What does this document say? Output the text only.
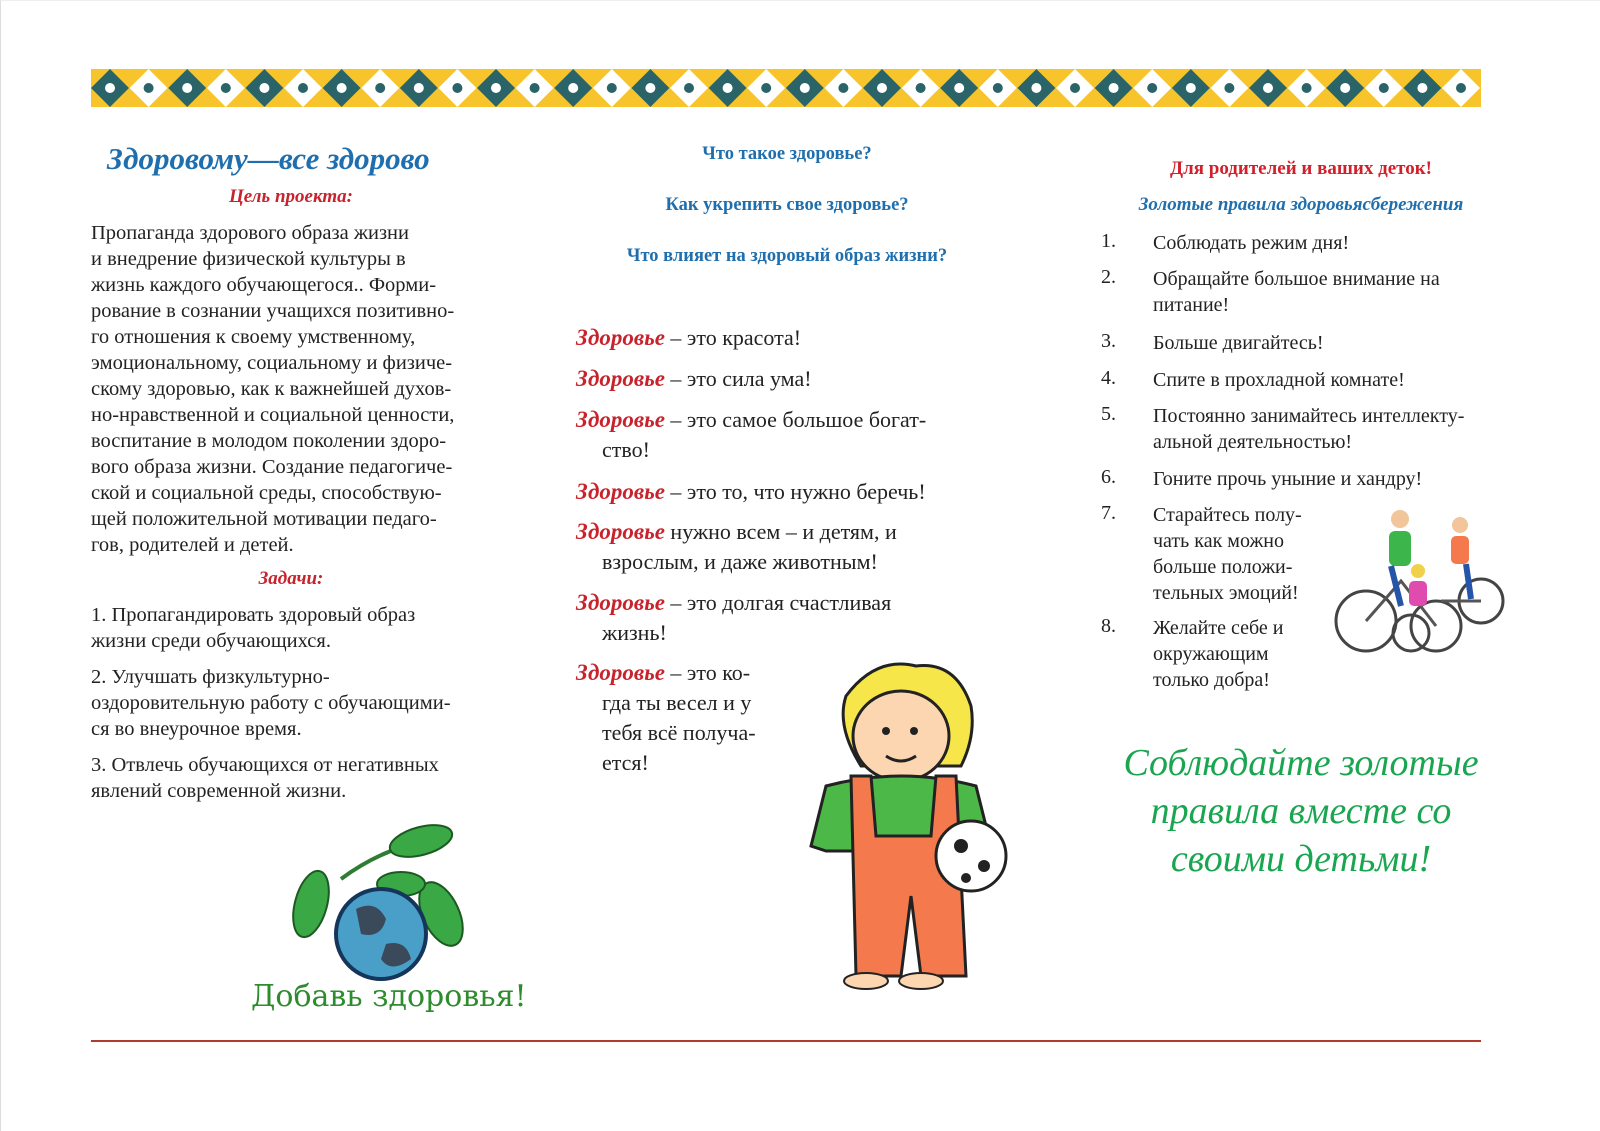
Здоровому—все здорово
Цель проекта:
Пропаганда здорового образа жизни
и внедрение физической культуры в
жизнь каждого обучающегося.. Форми-
рование в сознании учащихся позитивно-
го отношения к своему умственному,
эмоциональному, социальному и физиче-
скому здоровью, как к важнейшей духов-
но-нравственной и социальной ценности,
воспитание в молодом поколении здоро-
вого образа жизни. Создание педагогиче-
ской и социальной среды, способствую-
щей положительной мотивации педаго-
гов, родителей и детей.
Задачи:
1. Пропагандировать здоровый образ
жизни среди обучающихся.
2. Улучшать физкультурно-
оздоровительную работу с обучающими-
ся во внеурочное время.
3. Отвлечь обучающихся от негативных
явлений современной жизни.
Добавь здоровья!
Что такое здоровье?
Как укрепить свое здоровье?
Что влияет на здоровый образ жизни?
Здоровье – это красота!
Здоровье – это сила ума!
Здоровье – это самое большое богат-
ство!
Здоровье – это то, что нужно беречь!
Здоровье нужно всем – и детям, и
взрослым, и даже животным!
Здоровье – это долгая счастливая
жизнь!
Здоровье – это ко-
гда ты весел и у
тебя всё получа-
ется!
Для родителей и ваших деток!
Золотые правила здоровьясбережения
1. Соблюдать режим дня!
2. Обращайте большое внимание на
питание!
3. Больше двигайтесь!
4. Спите в прохладной комнате!
5. Постоянно занимайтесь интеллекту-
альной деятельностью!
6. Гоните прочь уныние и хандру!
7. Старайтесь полу-
чать как можно
больше положи-
тельных эмоций!
8. Желайте себе и
окружающим
только добра!
Соблюдайте золотые
правила вместе со
своими детьми!
